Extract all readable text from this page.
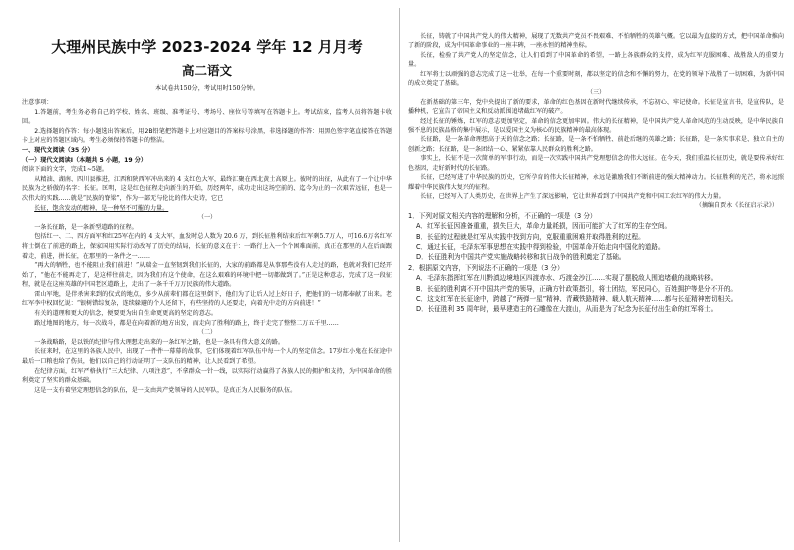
大理州民族中学 2023-2024 学年 12 月月考
高二语文
本试卷共150分，考试用时150分钟。

注意事项：

1.答题前，考生务必将自己的学校、姓名、班级、准考证号、考场号、座位号等填写在答题卡上。考试结束，监考人员将答题卡收回。

2.选择题的作答：每小题选出答案后，用2B铅笔把答题卡上对应题目的答案标号涂黑，非选择题的作答：用黑色签字笔直接答在答题卡上对应的答题区域内。考生必须保持答题卡的整洁。

一、现代文阅读（35 分）

（一）现代文阅读Ⅰ（本题共 5 小题，19 分）

阅读下面的文字，完成1~5题。

从精油、湖南、四川县推进，江西和陕西军冲出来的 4 支红色大军，最终汇聚在西北黄土高原上。彼时的出征，从此有了一个让中华民族为之骄傲的名字：长征。匡明，这是红色征程走向新生的开始，历经两年，成功走出这场空前的、迄今为止的一次艰苦远征，也是一次伟大的实践……就是“民族的脊梁”，作为一部无与伦比的伟大史诗，它已

长征，饱含发动的精神，是一种坚不可摧的力量。

（一）

一条长征路，是一条新型道路的征程。

包括红一、二、四方面军和红25军在内的 4 支大军，血发时总人数为 20.6 万，到长征胜利结束后红军剩5.7万人，可16.6万名红军将士倒在了前进的路上，保家国用实际行动改写了历史的结局，长征的意义在于：一路行上入一个个困难面前，真正在那里的人在后面跟着走，前进，拼长征，在那里的一条件之一……

“再大的牺牲，也不能阻止我们前进！”从瑞金一直坚韧到我们长征的，大家的前路都是从事那些没有人走过的路，也就对我们已经开始了，“他在不能再走了，是这样往前走，因为我们有这个使命，在这么艰难的环境中把一切都做到了。”正是这种意志，完成了这一段征程，就是在这座英雄的中国老区道路上，走出了一条千千万万民族的伟大道路。

雷山军地，是伴杀害来到的仪式的地点，多少从前辈们都在这里倒下，他们为了让后人过上好日子，把他们的一切都奉献了出来。老红军李中权回忆说：“银树错综复杂，连续躲避的个人还留下，有些坚持的人还要走，向着光中走的方向前进！”

有关的道理和更大的信念，便要更为出自生命更更高的坚定的意志。

路过地图的地方，每一次战斗，都是在向着新的地方出发，而走向了胜利的路上，终于走完了整整二万五千里……

（二）

一条战略路，是以铁的纪律与伟大理想走出来的一条红军之路，也是一条具有伟大意义的路。

长征来时，在这里的各族人民中，出现了一件件一幕幕的故事，它们体现着红军队伍中每一个人的坚定信念。17岁红小鬼在长征途中最后一口粮也给了伤员，他们以自己的行动证明了一支队伍的精神，让人民看到了希望。

在纪律方面，红军严格执行“三大纪律、八项注意”，不拿群众一针一线，以实际行动赢得了各族人民的拥护和支持，为中国革命的胜利奠定了坚实的群众基础。

这是一支有着坚定理想信念的队伍，是一支由共产党领导的人民军队，是真正为人民服务的队伍。

长征，铸就了中国共产党人的伟大精神，展现了无数共产党员不畏艰难、不怕牺牲的英雄气概。它以最为直接的方式，把中国革命推向了新的阶段，成为中国革命事业的一座丰碑，一座永恒的精神坐标。

长征，检验了共产党人的坚定信念，让人们看到了中国革命的希望，一路上各族群众的支持，成为红军克服困难、战胜敌人的重要力量。

红军将士以顽强的意志完成了这一壮举，在每一个重要时刻，都以坚定的信念和不懈的努力，在党的领导下战胜了一切困难，为新中国的成立奠定了基础。

（三）

在新基础的第三年，党中央提出了新的要求，革命的红色基因在新时代继续传承，不忘初心、牢记使命。长征是宣言书，是宣传队，是播种机，它宣告了帝国主义和反动派围追堵截红军的破产。

经过长征的锤炼，红军的意志更加坚定，革命的信念更加牢固。伟大的长征精神，是中国共产党人革命风范的生动反映，是中华民族自强不息的民族品格的集中展示，是以爱国主义为核心的民族精神的最高体现。

长征路，是一条革命理想高于天的信念之路；长征路，是一条不怕牺牲、前赴后继的英雄之路；长征路，是一条实事求是、独立自主的创新之路；长征路，是一条团结一心、紧紧依靠人民群众的胜利之路。

事实上，长征不是一次简单的军事行动，而是一次实践中国共产党理想信念的伟大远征。在今天，我们重温长征历史，就是要传承好红色基因，走好新时代的长征路。

长征，已经写进了中华民族的历史，它所孕育的伟大长征精神，永远是激励我们不断前进的强大精神动力。长征胜利的光芒，将永远照耀着中华民族伟大复兴的征程。

长征，已经写入了人类历史，在世界上产生了深远影响，它让世界看到了中国共产党和中国工农红军的伟大力量。

（摘编自贾永《长征启示录》）

1．下列对原文相关内容的理解和分析，不正确的一项是（3 分）

A．红军长征因准备重重，损失巨大，革命力量耗损，因而可能扩大了红军的生存空间。

B．长征的过程就是红军从实践中找到方向，克服重重困难并取得胜利的过程。

C．通过长征，毛泽东军事思想在实践中得到检验，中国革命开始走向中国化的道路。

D．长征胜利为中国共产党实施战略转移和抗日战争的胜利奠定了基础。

2．根据原文内容，下列说法不正确的一项是（3 分）

A．毛泽东指挥红军在川黔滇边境地区四渡赤水、巧渡金沙江……实现了摆脱敌人围追堵截的战略转移。

B．长征的胜利离不开中国共产党的领导，正确方针政策指引，将士团结，军民同心，百姓拥护等是分不开的。

C．这支红军在长征途中，跨越了“两弹一星”精神、青藏铁路精神、载人航天精神……都与长征精神密切相关。

D．长征胜利 35 周年时，最早建造主的石雕像在大渡山，从而是为了纪念为长征付出生命的红军将士。
